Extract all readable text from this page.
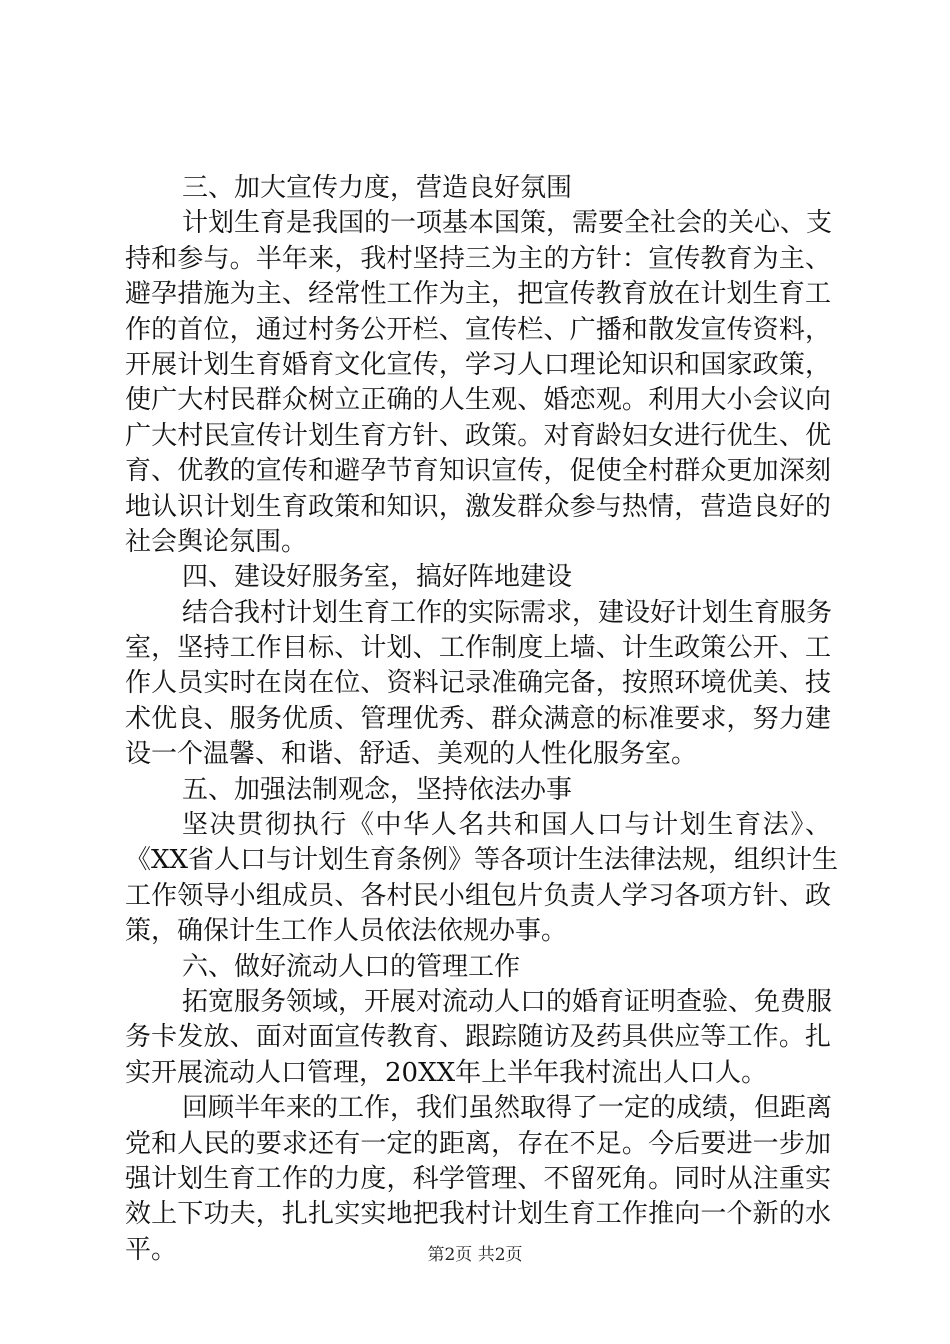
三、加大宣传力度，营造良好氛围
计划生育是我国的一项基本国策，需要全社会的关心、支
持和参与。半年来，我村坚持三为主的方针：宣传教育为主、
避孕措施为主、经常性工作为主，把宣传教育放在计划生育工
作的首位，通过村务公开栏、宣传栏、广播和散发宣传资料，
开展计划生育婚育文化宣传，学习人口理论知识和国家政策，
使广大村民群众树立正确的人生观、婚恋观。利用大小会议向
广大村民宣传计划生育方针、政策。对育龄妇女进行优生、优
育、优教的宣传和避孕节育知识宣传，促使全村群众更加深刻
地认识计划生育政策和知识，激发群众参与热情，营造良好的
社会舆论氛围。
四、建设好服务室，搞好阵地建设
结合我村计划生育工作的实际需求，建设好计划生育服务
室，坚持工作目标、计划、工作制度上墙、计生政策公开、工
作人员实时在岗在位、资料记录准确完备，按照环境优美、技
术优良、服务优质、管理优秀、群众满意的标准要求，努力建
设一个温馨、和谐、舒适、美观的人性化服务室。
五、加强法制观念，坚持依法办事
坚决贯彻执行《中华人名共和国人口与计划生育法》、
《XX省人口与计划生育条例》等各项计生法律法规，组织计生
工作领导小组成员、各村民小组包片负责人学习各项方针、政
策，确保计生工作人员依法依规办事。
六、做好流动人口的管理工作
拓宽服务领域，开展对流动人口的婚育证明查验、免费服
务卡发放、面对面宣传教育、跟踪随访及药具供应等工作。扎
实开展流动人口管理，20XX年上半年我村流出人口人。
回顾半年来的工作，我们虽然取得了一定的成绩，但距离
党和人民的要求还有一定的距离，存在不足。今后要进一步加
强计划生育工作的力度，科学管理、不留死角。同时从注重实
效上下功夫，扎扎实实地把我村计划生育工作推向一个新的水
平。	第2页 共2页
